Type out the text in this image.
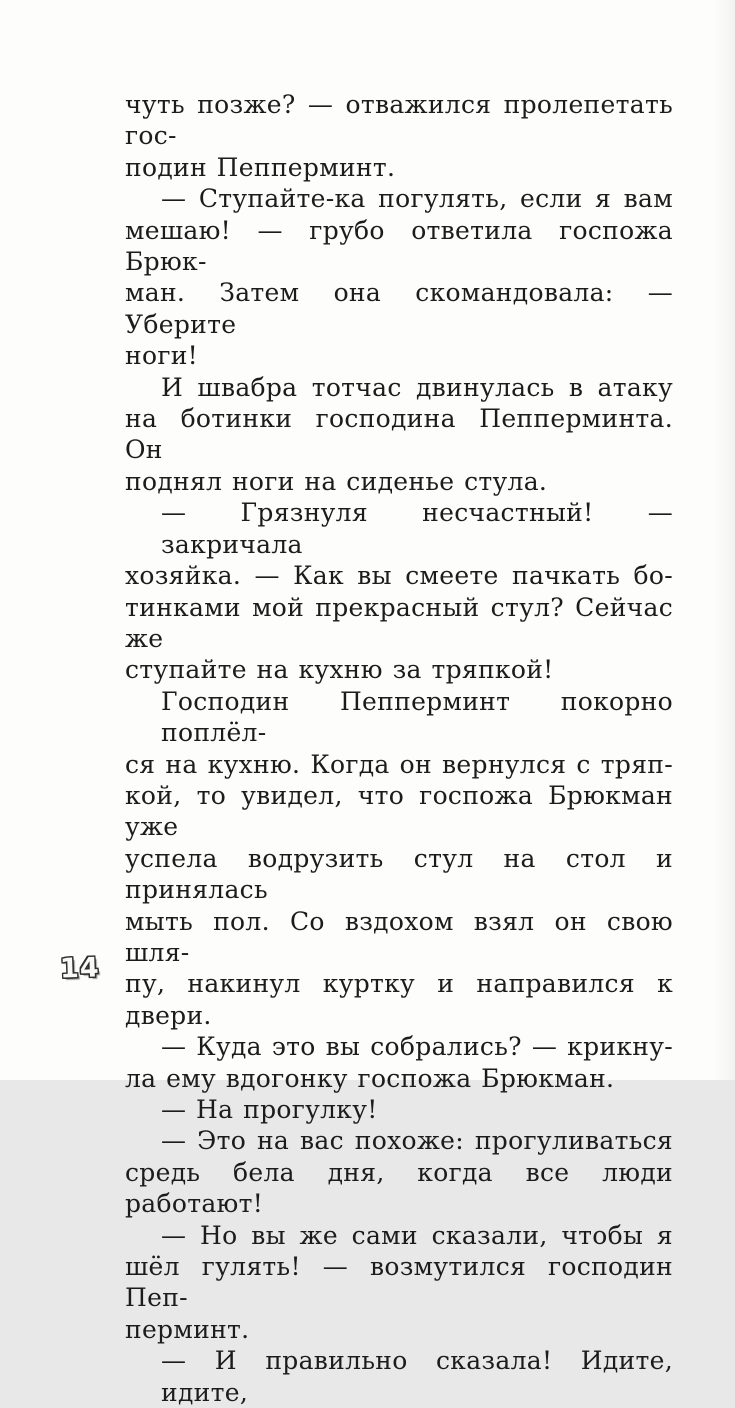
чуть позже? — отважился пролепетать гос-
подин Пепперминт.
— Ступайте-ка погулять, если я вам
мешаю! — грубо ответила госпожа Брюк-
ман. Затем она скомандовала: — Уберите
ноги!
И швабра тотчас двинулась в атаку
на ботинки господина Пепперминта. Он
поднял ноги на сиденье стула.
— Грязнуля несчастный! — закричала
хозяйка. — Как вы смеете пачкать бо-
тинками мой прекрасный стул? Сейчас же
ступайте на кухню за тряпкой!
Господин Пепперминт покорно поплёл-
ся на кухню. Когда он вернулся с тряп-
кой, то увидел, что госпожа Брюкман уже
успела водрузить стул на стол и принялась
мыть пол. Со вздохом взял он свою шля-
пу, накинул куртку и направился к двери.
— Куда это вы собрались? — крикну-
ла ему вдогонку госпожа Брюкман.
— На прогулку!
— Это на вас похоже: прогуливаться
средь бела дня, когда все люди работают!
— Но вы же сами сказали, чтобы я
шёл гулять! — возмутился господин Пеп-
перминт.
— И правильно сказала! Идите, идите,
14
